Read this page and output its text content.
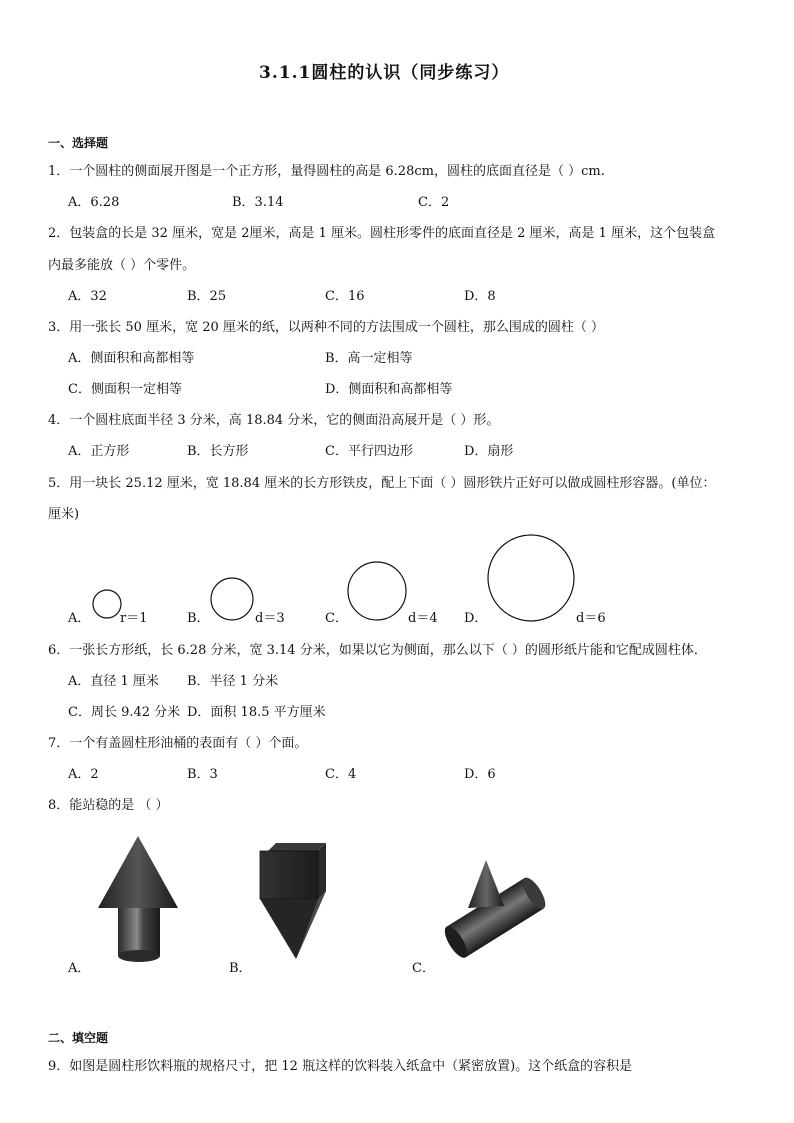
3.1.1圆柱的认识（同步练习）
一、选择题
1．一个圆柱的侧面展开图是一个正方形，量得圆柱的高是 6.28cm，圆柱的底面直径是（ ）cm.
A．6.28	B．3.14	C．2
2．包装盒的长是 32 厘米，宽是 2厘米，高是 1 厘米。圆柱形零件的底面直径是 2 厘米，高是 1 厘米，这个包装盒
内最多能放（ ）个零件。
A．32	B．25	C．16	D．8
3．用一张长 50 厘米，宽 20 厘米的纸，以两种不同的方法围成一个圆柱，那么围成的圆柱（ ）
A．侧面积和高都相等	B．高一定相等
C．侧面积一定相等	D．侧面积和高都相等
4．一个圆柱底面半径 3 分米，高 18.84 分米，它的侧面沿高展开是（ ）形。
A．正方形	B．长方形	C．平行四边形	D．扇形
5．用一块长 25.12 厘米，宽 18.84 厘米的长方形铁皮，配上下面（ ）圆形铁片正好可以做成圆柱形容器。(单位：
厘米)
A． r＝1	B．	d＝3	C．	d＝4 D．	d＝6
6．一张长方形纸，长 6.28 分米，宽 3.14 分米，如果以它为侧面，那么以下（ ）的圆形纸片能和它配成圆柱体．
A．直径 1 厘米 B．半径 1 分米
C．周长 9.42 分米 D．面积 18.5 平方厘米
7．一个有盖圆柱形油桶的表面有（ ）个面。
A．2	B．3	C．4	D．6
8．能站稳的是 （ ）
A．	B．	C．
二、填空题
9．如图是圆柱形饮料瓶的规格尺寸，把 12 瓶这样的饮料装入纸盒中（紧密放置)。这个纸盒的容积是
